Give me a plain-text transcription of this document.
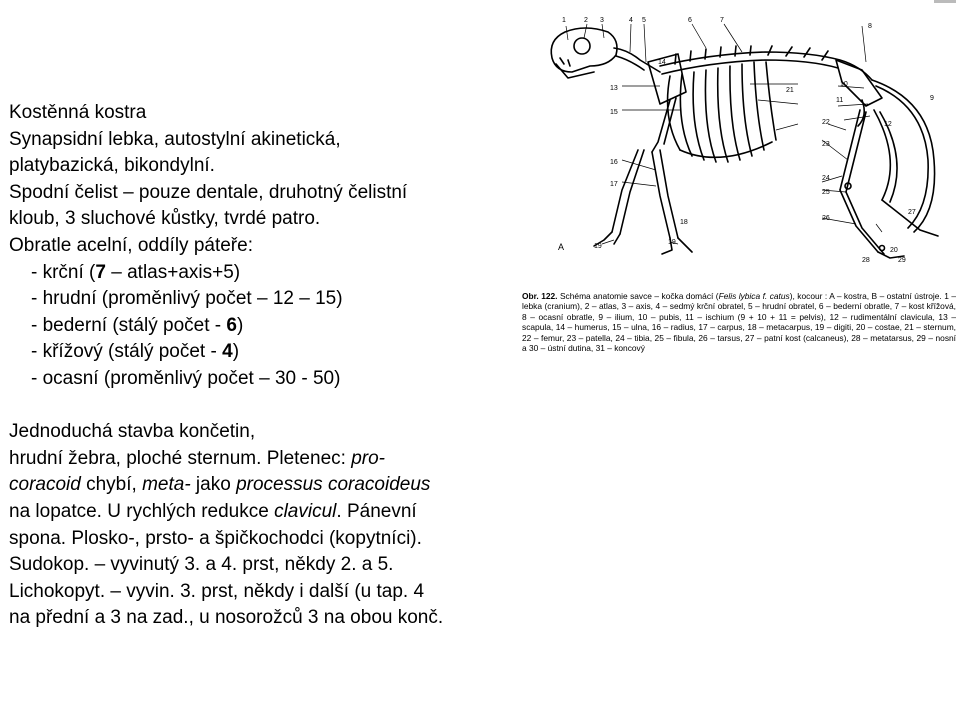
Kostěnná kostra
Synapsidní lebka, autostylní akinetická,
platybazická, bikondylní.
Spodní čelist – pouze dentale, druhotný čelistní
kloub, 3 sluchové kůstky, tvrdé patro.
Obratle acelní, oddíly páteře:
- krční (7 – atlas+axis+5)
- hrudní (proměnlivý počet – 12 – 15)
- bederní (stálý počet - 6)
- křížový (stálý počet - 4)
- ocasní (proměnlivý počet – 30 - 50)
Jednoduchá stavba končetin,
hrudní žebra, ploché sternum. Pletenec: pro-
coracoid chybí, meta- jako processus coracoideus
na lopatce. U rychlých redukce clavicul. Pánevní
spona. Plosko-, prsto- a špičkochodci (kopytníci).
Sudokop. – vyvinutý 3. a 4. prst, někdy 2. a 5.
Lichokopyt. – vyvin. 3. prst, někdy i další (u tap. 4
na přední a 3 na zad., u nosorožců 3 na obou konč.
1	2 3	4 5	6	7
8
9
10
11
12
13
14
15
16
17
18
19
19
20
21
22
23
24
25
26
27
28	29
A
Obr. 122. Schéma anatomie savce – kočka domácí (Felis lybica f. catus), kocour : A – kostra, B – ostatní ústroje. 1 – lebka (cranium), 2 – atlas, 3 – axis, 4 – sedmý krční obratel, 5 – hrudní obratel, 6 – bederní obratle, 7 – kost křížová, 8 – ocasní obratle, 9 – ilium, 10 – pubis, 11 – ischium (9 + 10 + 11 = pelvis), 12 – rudimentální clavicula, 13 – scapula, 14 – humerus, 15 – ulna, 16 – radius, 17 – carpus, 18 – metacarpus, 19 – digiti, 20 – costae, 21 – sternum, 22 – femur, 23 – patella, 24 – tibia, 25 – fibula, 26 – tarsus, 27 – patní kost (calcaneus), 28 – metatarsus, 29 – nosní a 30 – ústní dutina, 31 – koncový
